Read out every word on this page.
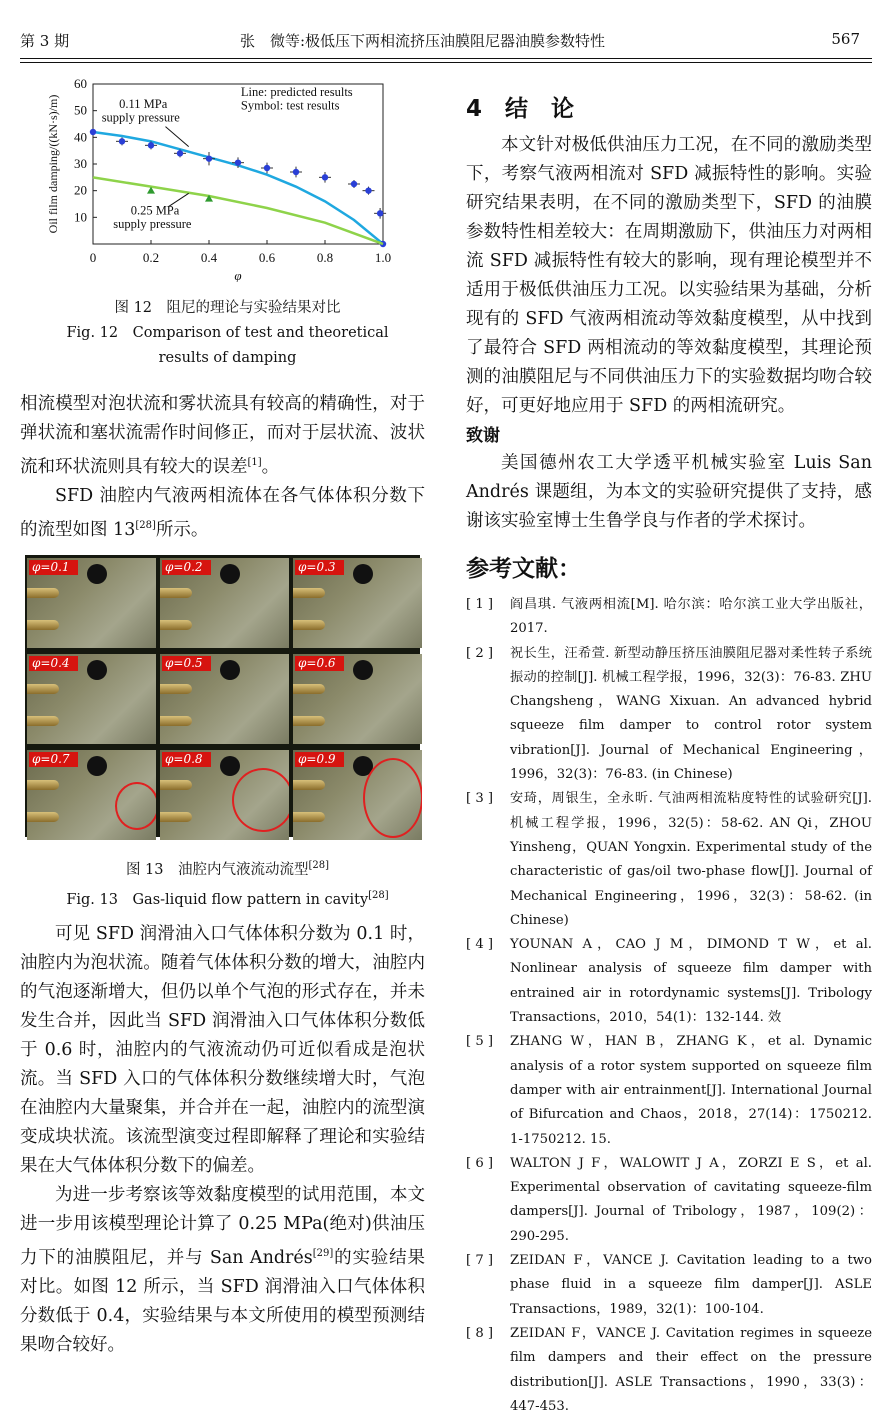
第 3 期	张　微等:极低压下两相流挤压油膜阻尼器油膜参数特性	567
0	0.2	0.4	0.6	0.8	1.0
10
20
30
40
50
60
φ
Oil film damping/((kN·s)/m)	0.11 MPa
supply pressure
0.25 MPa
supply pressure
Line: predicted results
Symbol: test results

图 12　阻尼的理论与实验结果对比

Fig. 12　Comparison of test and theoretical

results of damping

相流模型对泡状流和雾状流具有较高的精确性，对于弹状流和塞状流需作时间修正，而对于层状流、波状流和环状流则具有较大的误差[1]。

SFD 油腔内气液两相流体在各气体体积分数下的流型如图 13[28]所示。

φ=0.1	φ=0.2	φ=0.3
φ=0.4	φ=0.5	φ=0.6
φ=0.7	φ=0.8	φ=0.9

图 13　油腔内气液流动流型[28]

Fig. 13　Gas-liquid flow pattern in cavity[28]

可见 SFD 润滑油入口气体体积分数为 0.1 时，油腔内为泡状流。随着气体体积分数的增大，油腔内的气泡逐渐增大，但仍以单个气泡的形式存在，并未发生合并，因此当 SFD 润滑油入口气体体积分数低于 0.6 时，油腔内的气液流动仍可近似看成是泡状流。当 SFD 入口的气体体积分数继续增大时，气泡在油腔内大量聚集，并合并在一起，油腔内的流型演变成块状流。该流型演变过程即解释了理论和实验结果在大气体体积分数下的偏差。

为进一步考察该等效黏度模型的试用范围，本文进一步用该模型理论计算了 0.25 MPa(绝对)供油压力下的油膜阻尼，并与 San Andrés[29]的实验结果对比。如图 12 所示，当 SFD 润滑油入口气体体积分数低于 0.4，实验结果与本文所使用的模型预测结果吻合较好。

4　结　论

本文针对极低供油压力工况，在不同的激励类型下，考察气液两相流对 SFD 减振特性的影响。实验研究结果表明，在不同的激励类型下，SFD 的油膜参数特性相差较大：在周期激励下，供油压力对两相流 SFD 减振特性有较大的影响，现有理论模型并不适用于极低供油压力工况。以实验结果为基础，分析现有的 SFD 气液两相流动等效黏度模型，从中找到了最符合 SFD 两相流动的等效黏度模型，其理论预测的油膜阻尼与不同供油压力下的实验数据均吻合较好，可更好地应用于 SFD 的两相流研究。

致谢

美国德州农工大学透平机械实验室 Luis San Andrés 课题组，为本文的实验研究提供了支持，感谢该实验室博士生鲁学良与作者的学术探讨。

参考文献：

[ 1 ]	阎昌琪. 气液两相流[M]. 哈尔滨：哈尔滨工业大学出版社，2017.
[ 2 ]	祝长生，汪希萱. 新型动静压挤压油膜阻尼器对柔性转子系统振动的控制[J]. 机械工程学报，1996，32(3)：76-83. ZHU Changsheng，WANG Xixuan. An advanced hybrid squeeze film damper to control rotor system vibration[J]. Journal of Mechanical Engineering，1996，32(3)：76-83. (in Chinese)
[ 3 ]	安琦，周银生，全永昕. 气油两相流粘度特性的试验研究[J]. 机械工程学报，1996，32(5)：58-62. AN Qi，ZHOU Yinsheng，QUAN Yongxin. Experimental study of the characteristic of gas/oil two-phase flow[J]. Journal of Mechanical Engineering，1996，32(3)：58-62. (in Chinese)
[ 4 ]	YOUNAN A，CAO J M，DIMOND T W，et al. Nonlinear analysis of squeeze film damper with entrained air in rotordynamic systems[J]. Tribology Transactions，2010，54(1)：132-144. 效
[ 5 ]	ZHANG W，HAN B，ZHANG K，et al. Dynamic analysis of a rotor system supported on squeeze film damper with air entrainment[J]. International Journal of Bifurcation and Chaos，2018，27(14)：1750212. 1-1750212. 15.
[ 6 ]	WALTON J F，WALOWIT J A，ZORZI E S，et al. Experimental observation of cavitating squeeze-film dampers[J]. Journal of Tribology，1987，109(2)：290-295.
[ 7 ]	ZEIDAN F，VANCE J. Cavitation leading to a two phase fluid in a squeeze film damper[J]. ASLE Transactions，1989，32(1)：100-104.
[ 8 ]	ZEIDAN F，VANCE J. Cavitation regimes in squeeze film dampers and their effect on the pressure distribution[J]. ASLE Transactions，1990，33(3)：447-453.
